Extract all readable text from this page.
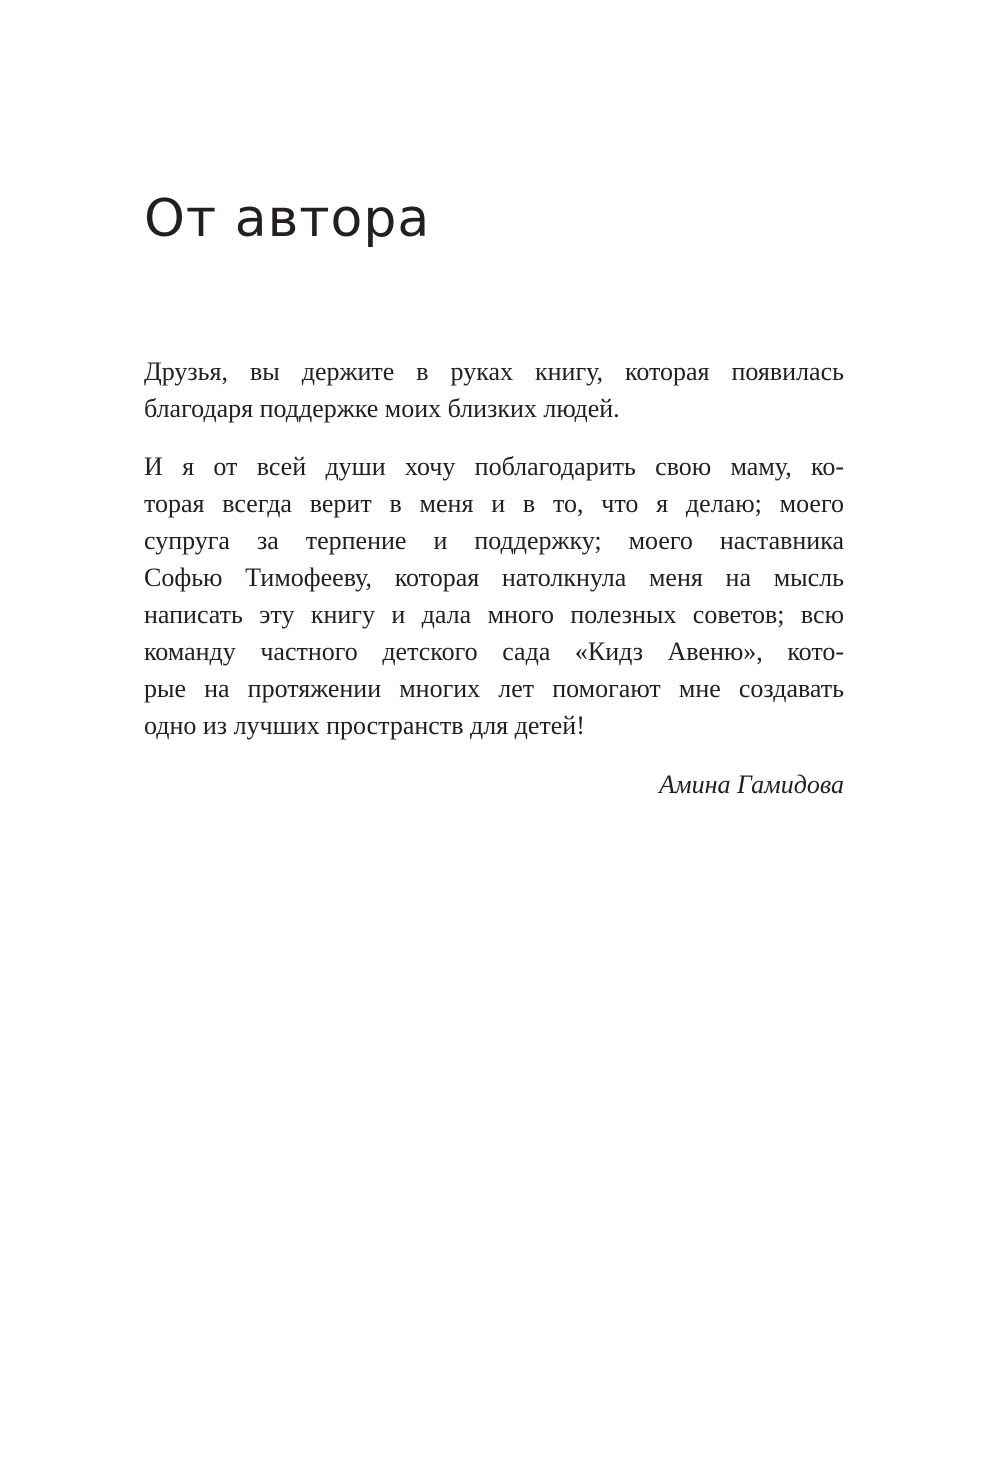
От автора
Друзья, вы держите в руках книгу, которая появилась
благодаря поддержке моих близких людей.
И я от всей души хочу поблагодарить свою маму, ко-
торая всегда верит в меня и в то, что я делаю; моего
супруга за терпение и поддержку; моего наставника
Софью Тимофееву, которая натолкнула меня на мысль
написать эту книгу и дала много полезных советов; всю
команду частного детского сада «Кидз Авеню», кото-
рые на протяжении многих лет помогают мне создавать
одно из лучших пространств для детей!
Амина Гамидова
